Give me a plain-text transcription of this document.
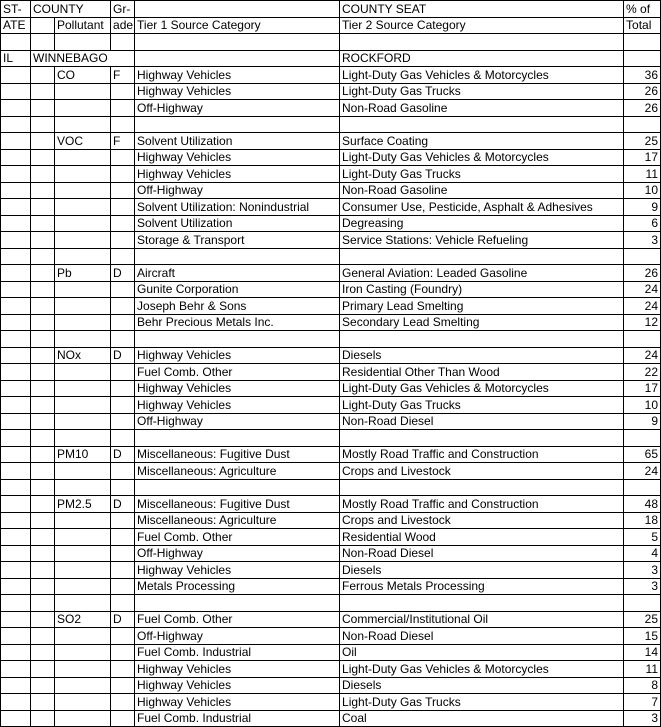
ST-	COUNTY		Gr-		COUNTY SEAT	% of
ATE		Pollutant	ade	Tier 1 Source Category	Tier 2 Source Category	Total

IL	WINNEBAGO				ROCKFORD	
		CO	F	Highway Vehicles	Light-Duty Gas Vehicles & Motorcycles	36
				Highway Vehicles	Light-Duty Gas Trucks	26
				Off-Highway	Non-Road Gasoline	26

		VOC	F	Solvent Utilization	Surface Coating	25
				Highway Vehicles	Light-Duty Gas Vehicles & Motorcycles	17
				Highway Vehicles	Light-Duty Gas Trucks	11
				Off-Highway	Non-Road Gasoline	10
				Solvent Utilization: Nonindustrial	Consumer Use, Pesticide, Asphalt & Adhesives	9
				Solvent Utilization	Degreasing	6
				Storage & Transport	Service Stations: Vehicle Refueling	3

		Pb	D	Aircraft	General Aviation: Leaded Gasoline	26
				Gunite Corporation	Iron Casting (Foundry)	24
				Joseph Behr & Sons	Primary Lead Smelting	24
				Behr Precious Metals Inc.	Secondary Lead Smelting	12

		NOx	D	Highway Vehicles	Diesels	24
				Fuel Comb. Other	Residential Other Than Wood	22
				Highway Vehicles	Light-Duty Gas Vehicles & Motorcycles	17
				Highway Vehicles	Light-Duty Gas Trucks	10
				Off-Highway	Non-Road Diesel	9

		PM10	D	Miscellaneous: Fugitive Dust	Mostly Road Traffic and Construction	65
				Miscellaneous: Agriculture	Crops and Livestock	24

		PM2.5	D	Miscellaneous: Fugitive Dust	Mostly Road Traffic and Construction	48
				Miscellaneous: Agriculture	Crops and Livestock	18
				Fuel Comb. Other	Residential Wood	5
				Off-Highway	Non-Road Diesel	4
				Highway Vehicles	Diesels	3
				Metals Processing	Ferrous Metals Processing	3

		SO2	D	Fuel Comb. Other	Commercial/Institutional Oil	25
				Off-Highway	Non-Road Diesel	15
				Fuel Comb. Industrial	Oil	14
				Highway Vehicles	Light-Duty Gas Vehicles & Motorcycles	11
				Highway Vehicles	Diesels	8
				Highway Vehicles	Light-Duty Gas Trucks	7
				Fuel Comb. Industrial	Coal	3
